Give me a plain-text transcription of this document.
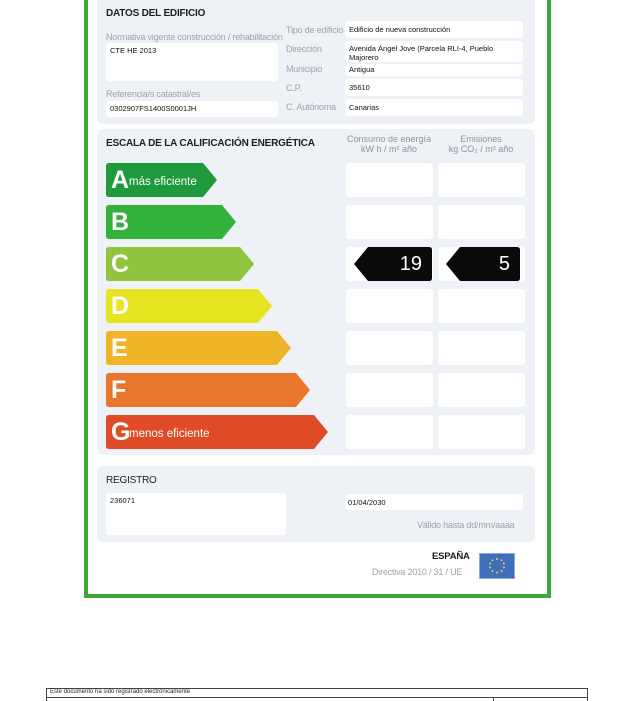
DATOS DEL EDIFICIO
Normativa vigente construcción / rehabilitación
CTE HE 2013
Referencia/s catastral/es
0302907FS1400S0001JH
Tipo de edificio Edificio de nueva construcción
Dirección	Avenida Ángel Jove (Parcela RLI-4, Pueblo
Majorero
Municipio	Antigua
C.P.	35610
C. Autónoma Canarias
ESCALA DE LA CALIFICACIÓN ENERGÉTICA	Consumo de energía
kW h / m² año
Emisiones
kg CO₂ / m² año
A más eficiente
B
C	19	5
D
E
F
G
menos eficiente
REGISTRO
236071	01/04/2030
Válido hasta dd/mm/aaaa
ESPAÑA
Directiva 2010 / 31 / UE
Este documento ha sido registrado electrónicamente
